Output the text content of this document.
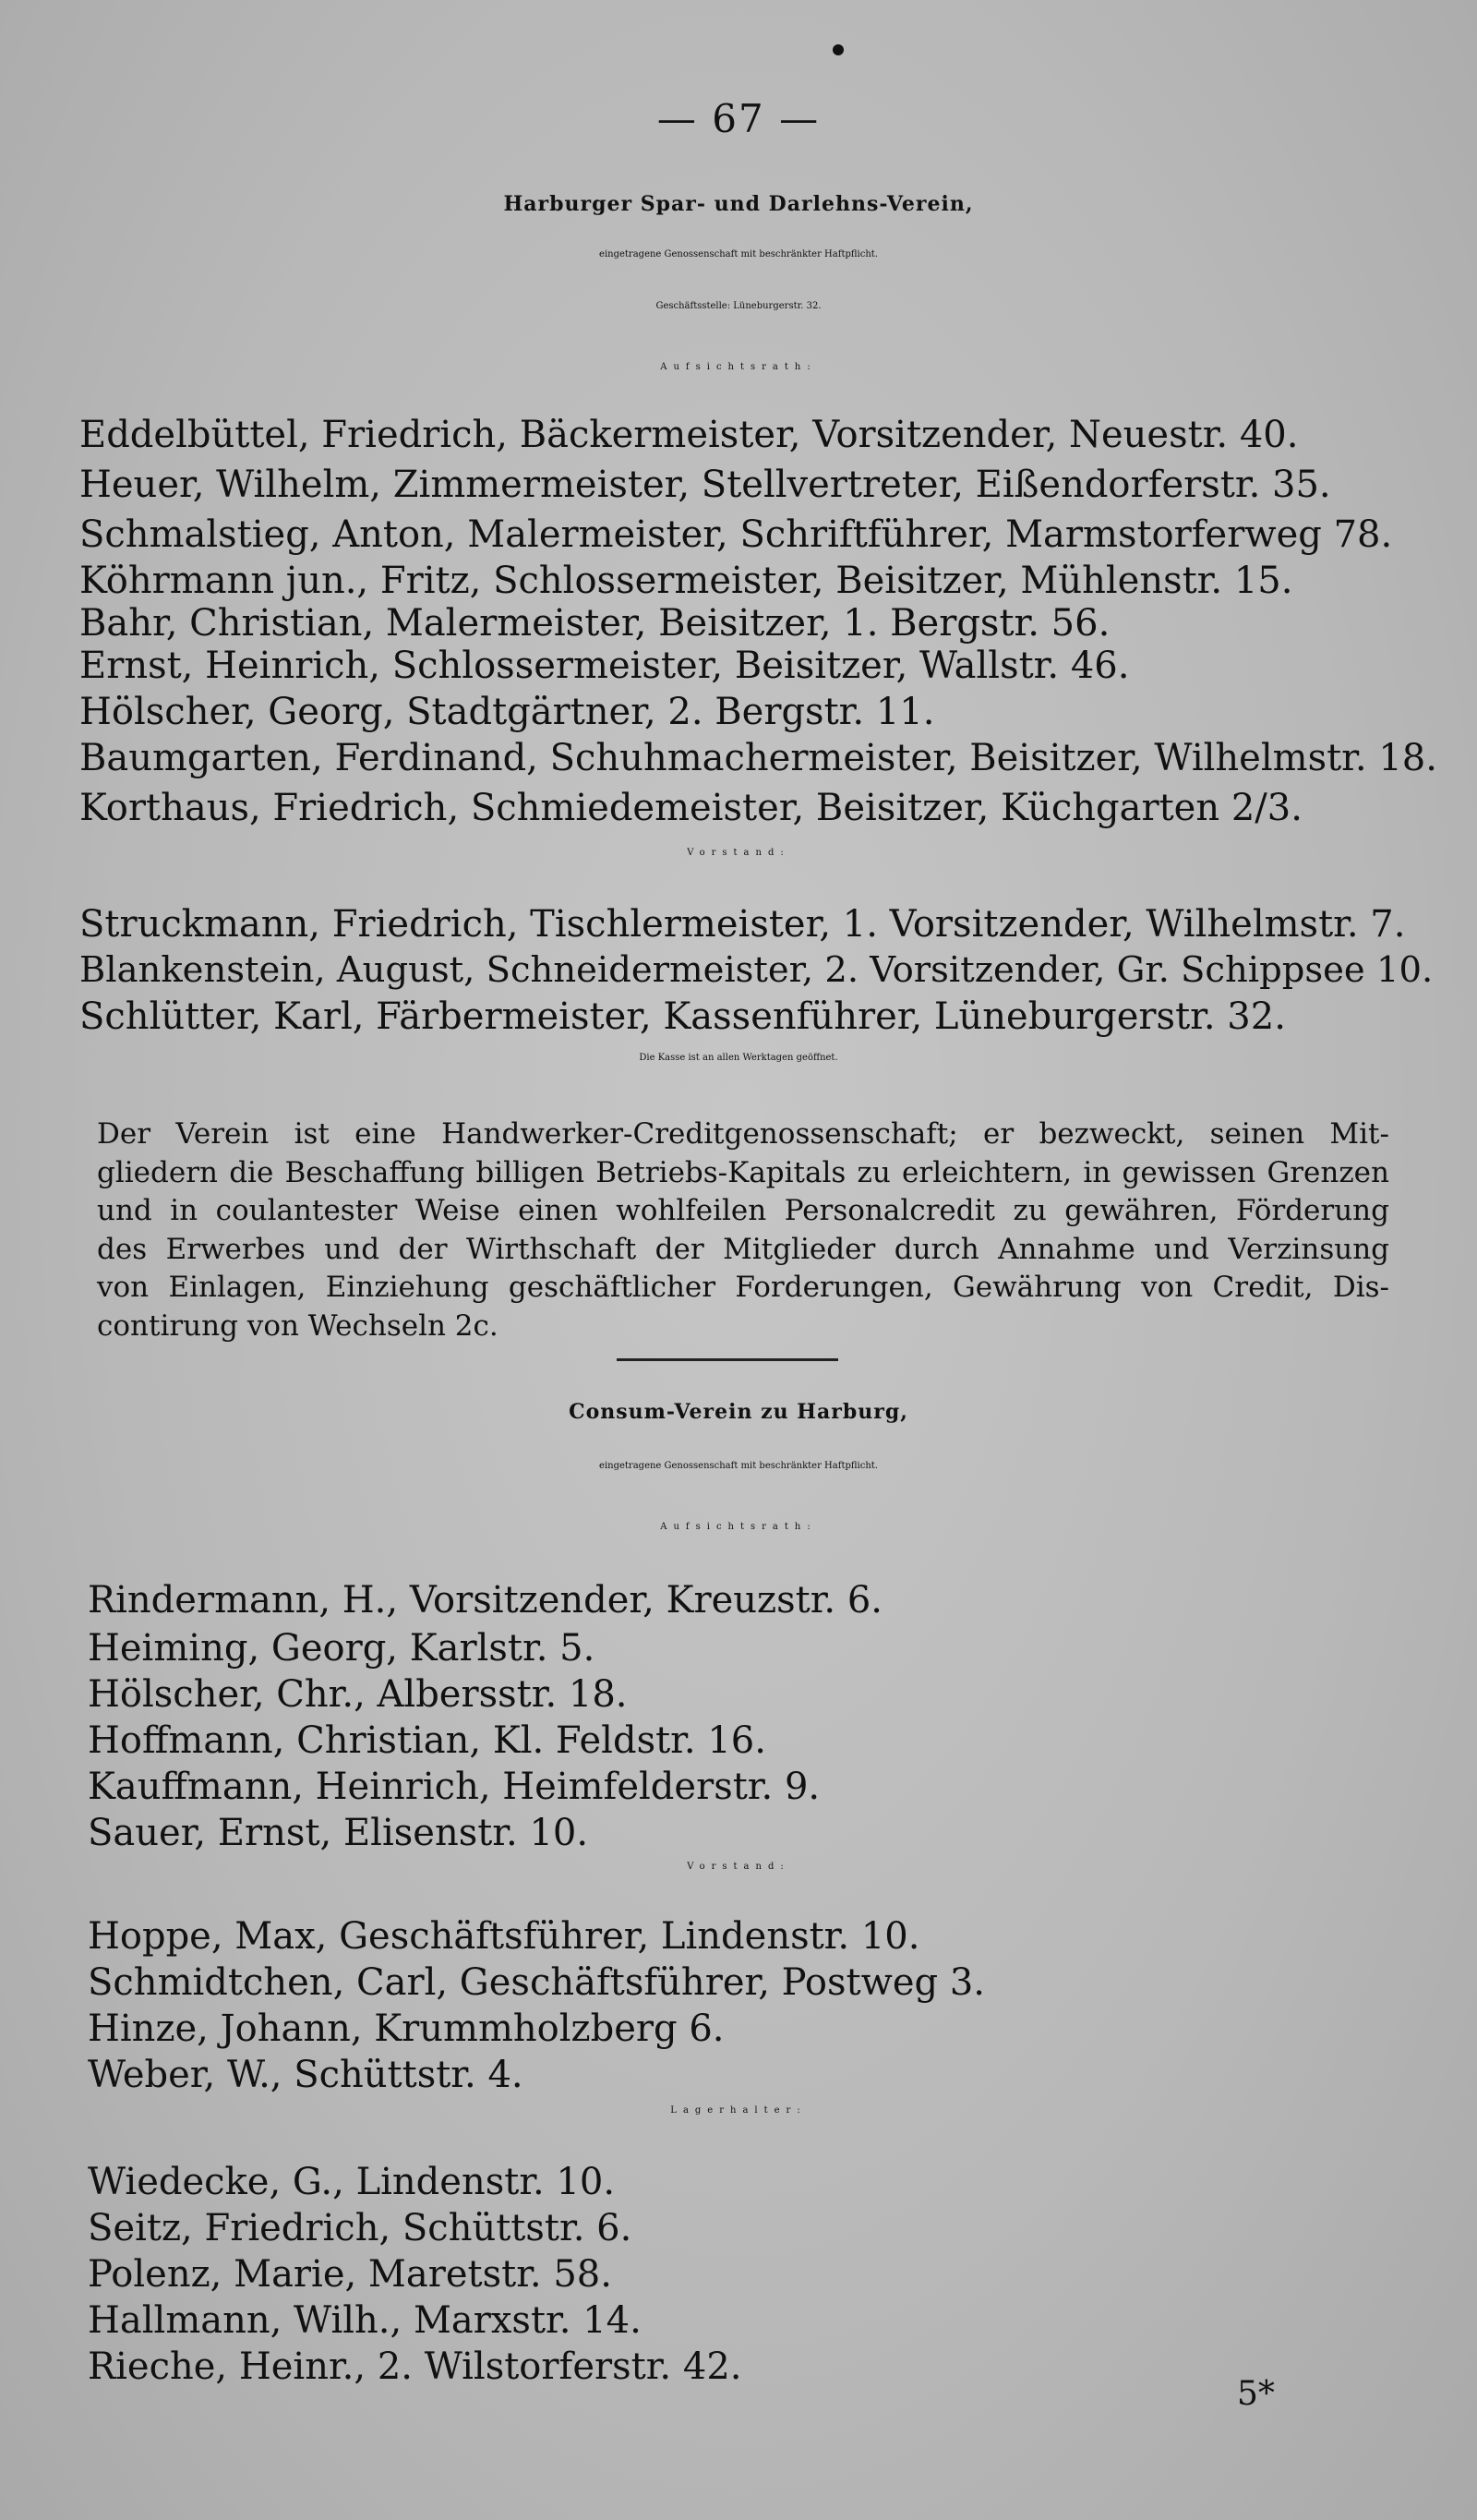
— 67 —
Harburger Spar- und Darlehns-Verein,
eingetragene Genossenschaft mit beschränkter Haftpflicht.
Geschäftsstelle: Lüneburgerstr. 32.
Aufsichtsrath:
Eddelbüttel, Friedrich, Bäckermeister, Vorsitzender, Neuestr. 40.
Heuer, Wilhelm, Zimmermeister, Stellvertreter, Eißendorferstr. 35.
Schmalstieg, Anton, Malermeister, Schriftführer, Marmstorferweg 78.
Köhrmann jun., Fritz, Schlossermeister, Beisitzer, Mühlenstr. 15.
Bahr, Christian, Malermeister, Beisitzer, 1. Bergstr. 56.
Ernst, Heinrich, Schlossermeister, Beisitzer, Wallstr. 46.
Hölscher, Georg, Stadtgärtner, 2. Bergstr. 11.
Baumgarten, Ferdinand, Schuhmachermeister, Beisitzer, Wilhelmstr. 18.
Korthaus, Friedrich, Schmiedemeister, Beisitzer, Küchgarten 2/3.
Vorstand:
Struckmann, Friedrich, Tischlermeister, 1. Vorsitzender, Wilhelmstr. 7.
Blankenstein, August, Schneidermeister, 2. Vorsitzender, Gr. Schippsee 10.
Schlütter, Karl, Färbermeister, Kassenführer, Lüneburgerstr. 32.
Die Kasse ist an allen Werktagen geöffnet.
Der Verein ist eine Handwerker-Creditgenossenschaft; er bezweckt, seinen Mit-
gliedern die Beschaffung billigen Betriebs-Kapitals zu erleichtern, in gewissen Grenzen
und in coulantester Weise einen wohlfeilen Personalcredit zu gewähren, Förderung
des Erwerbes und der Wirthschaft der Mitglieder durch Annahme und Verzinsung
von Einlagen, Einziehung geschäftlicher Forderungen, Gewährung von Credit, Dis-
contirung von Wechseln 2c.
Consum-Verein zu Harburg,
eingetragene Genossenschaft mit beschränkter Haftpflicht.
Aufsichtsrath:
Rindermann, H., Vorsitzender, Kreuzstr. 6.
Heiming, Georg, Karlstr. 5.
Hölscher, Chr., Albersstr. 18.
Hoffmann, Christian, Kl. Feldstr. 16.
Kauffmann, Heinrich, Heimfelderstr. 9.
Sauer, Ernst, Elisenstr. 10.
Vorstand:
Hoppe, Max, Geschäftsführer, Lindenstr. 10.
Schmidtchen, Carl, Geschäftsführer, Postweg 3.
Hinze, Johann, Krummholzberg 6.
Weber, W., Schüttstr. 4.
Lagerhalter:
Wiedecke, G., Lindenstr. 10.
Seitz, Friedrich, Schüttstr. 6.
Polenz, Marie, Maretstr. 58.
Hallmann, Wilh., Marxstr. 14.
Rieche, Heinr., 2. Wilstorferstr. 42.
5*
